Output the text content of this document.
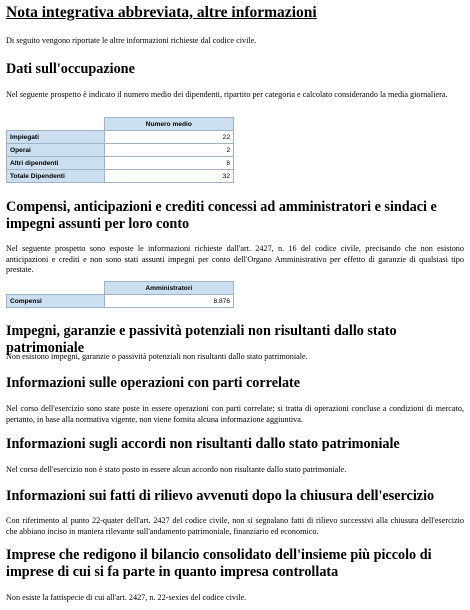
Nota integrativa abbreviata, altre informazioni
Di seguito vengono riportate le altre informazioni richieste dal codice civile.
Dati sull'occupazione
Nel seguente prospetto è indicato il numero medio dei dipendenti, ripartito per categoria e calcolato considerando la media giornaliera.
	Numero medio
Impiegati	22
Operai	2
Altri dipendenti	8
Totale Dipendenti	32
Compensi, anticipazioni e crediti concessi ad amministratori e sindaci e impegni assunti per loro conto
Nel seguente prospetto sono esposte le informazioni richieste dall'art. 2427, n. 16 del codice civile, precisando che non esistono anticipazioni e crediti e non sono stati assunti impegni per conto dell'Organo Amministrativo per effetto di garanzie di qualsiasi tipo prestate.
	Amministratori
Compensi	8.876
Impegni, garanzie e passività potenziali non risultanti dallo stato patrimoniale
Non esistono impegni, garanzie o passività potenziali non risultanti dallo stato patrimoniale.
Informazioni sulle operazioni con parti correlate
Nel corso dell'esercizio sono state poste in essere operazioni con parti correlate; si tratta di operazioni concluse a condizioni di mercato, pertanto, in base alla normativa vigente, non viene fornita alcuna informazione aggiuntiva.
Informazioni sugli accordi non risultanti dallo stato patrimoniale
Nel corso dell'esercizio non è stato posto in essere alcun accordo non risultante dallo stato patrimoniale.
Informazioni sui fatti di rilievo avvenuti dopo la chiusura dell'esercizio
Con riferimento al punto 22-quater dell'art. 2427 del codice civile, non si segnalano fatti di rilievo successivi alla chiusura dell'esercizio che abbiano inciso in maniera rilevante sull'andamento patrimoniale, finanziario ed economico.
Imprese che redigono il bilancio consolidato dell'insieme più piccolo di imprese di cui si fa parte in quanto impresa controllata
Non esiste la fattispecie di cui all'art. 2427, n. 22-sexies del codice civile.
